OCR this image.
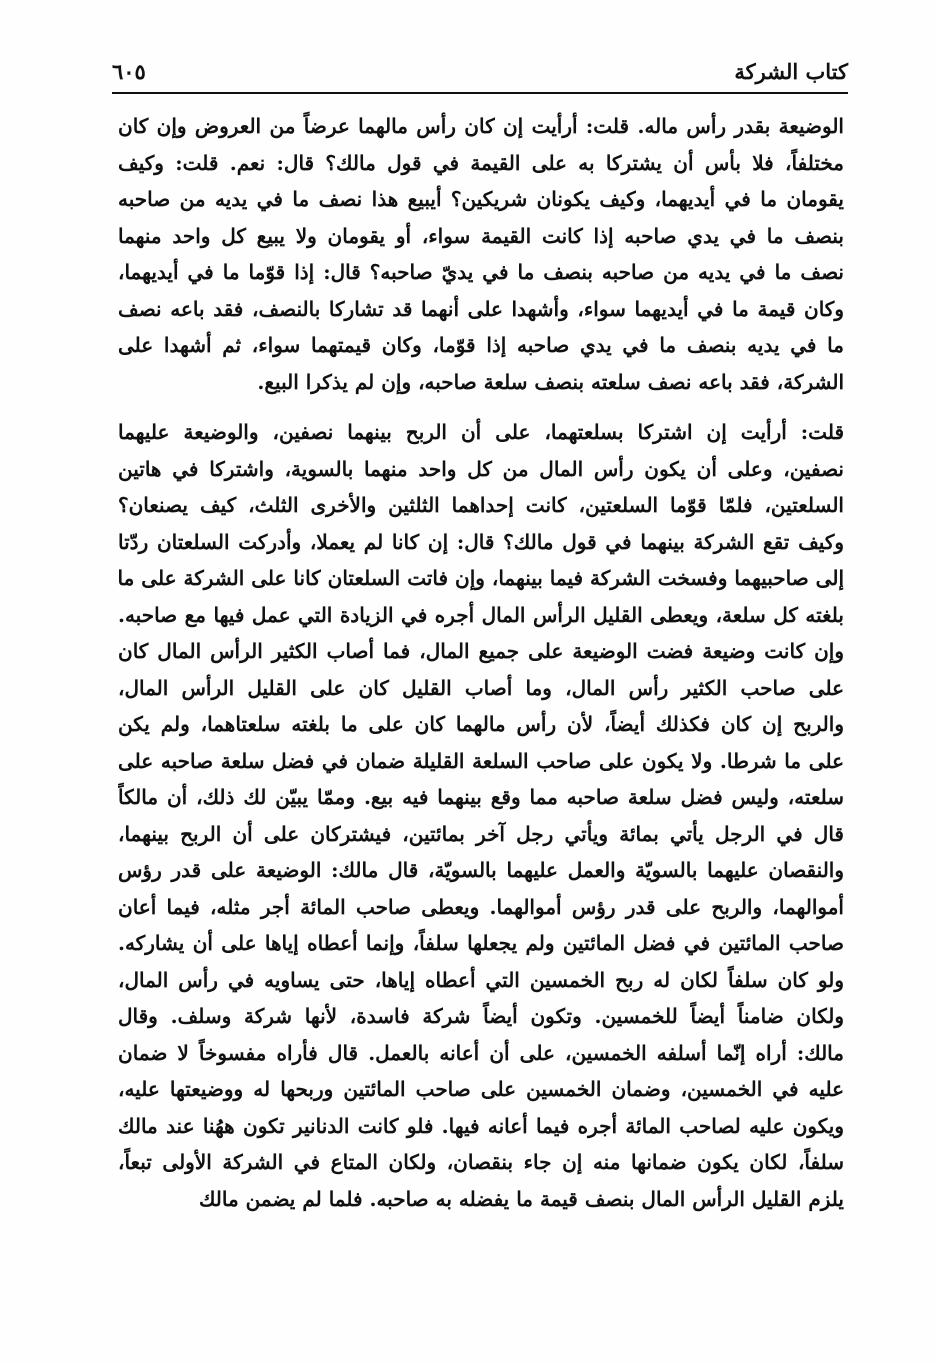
كتاب الشركة
٦٠٥
الوضيعة بقدر رأس ماله. قلت: أرأيت إن كان رأس مالهما عرضاً من العروض وإن كان
مختلفاً، فلا بأس أن يشتركا به على القيمة في قول مالك؟ قال: نعم. قلت: وكيف
يقومان ما في أيديهما، وكيف يكونان شريكين؟ أيبيع هذا نصف ما في يديه من صاحبه
بنصف ما في يدي صاحبه إذا كانت القيمة سواء، أو يقومان ولا يبيع كل واحد منهما
نصف ما في يديه من صاحبه بنصف ما في يديّ صاحبه؟ قال: إذا قوّما ما في أيديهما،
وكان قيمة ما في أيديهما سواء، وأشهدا على أنهما قد تشاركا بالنصف، فقد باعه نصف
ما في يديه بنصف ما في يدي صاحبه إذا قوّما، وكان قيمتهما سواء، ثم أشهدا على
الشركة، فقد باعه نصف سلعته بنصف سلعة صاحبه، وإن لم يذكرا البيع.
قلت: أرأيت إن اشتركا بسلعتهما، على أن الربح بينهما نصفين، والوضيعة عليهما
نصفين، وعلى أن يكون رأس المال من كل واحد منهما بالسوية، واشتركا في هاتين
السلعتين، فلمّا قوّما السلعتين، كانت إحداهما الثلثين والأخرى الثلث، كيف يصنعان؟
وكيف تقع الشركة بينهما في قول مالك؟ قال: إن كانا لم يعملا، وأدركت السلعتان ردّتا
إلى صاحبيهما وفسخت الشركة فيما بينهما، وإن فاتت السلعتان كانا على الشركة على ما
بلغته كل سلعة، ويعطى القليل الرأس المال أجره في الزيادة التي عمل فيها مع صاحبه.
وإن كانت وضيعة فضت الوضيعة على جميع المال، فما أصاب الكثير الرأس المال كان
على صاحب الكثير رأس المال، وما أصاب القليل كان على القليل الرأس المال،
والربح إن كان فكذلك أيضاً، لأن رأس مالهما كان على ما بلغته سلعتاهما، ولم يكن
على ما شرطا. ولا يكون على صاحب السلعة القليلة ضمان في فضل سلعة صاحبه على
سلعته، وليس فضل سلعة صاحبه مما وقع بينهما فيه بيع. وممّا يبيّن لك ذلك، أن مالكاً
قال في الرجل يأتي بمائة ويأتي رجل آخر بمائتين، فيشتركان على أن الربح بينهما،
والنقصان عليهما بالسويّة والعمل عليهما بالسويّة، قال مالك: الوضيعة على قدر رؤس
أموالهما، والربح على قدر رؤس أموالهما. ويعطى صاحب المائة أجر مثله، فيما أعان
صاحب المائتين في فضل المائتين ولم يجعلها سلفاً، وإنما أعطاه إياها على أن يشاركه.
ولو كان سلفاً لكان له ربح الخمسين التي أعطاه إياها، حتى يساويه في رأس المال،
ولكان ضامناً أيضاً للخمسين. وتكون أيضاً شركة فاسدة، لأنها شركة وسلف. وقال
مالك: أراه إنّما أسلفه الخمسين، على أن أعانه بالعمل. قال فأراه مفسوخاً لا ضمان
عليه في الخمسين، وضمان الخمسين على صاحب المائتين وربحها له ووضيعتها عليه،
ويكون عليه لصاحب المائة أجره فيما أعانه فيها. فلو كانت الدنانير تكون ههُنا عند مالك
سلفاً، لكان يكون ضمانها منه إن جاء بنقصان، ولكان المتاع في الشركة الأولى تبعاً،
يلزم القليل الرأس المال بنصف قيمة ما يفضله به صاحبه. فلما لم يضمن مالك
